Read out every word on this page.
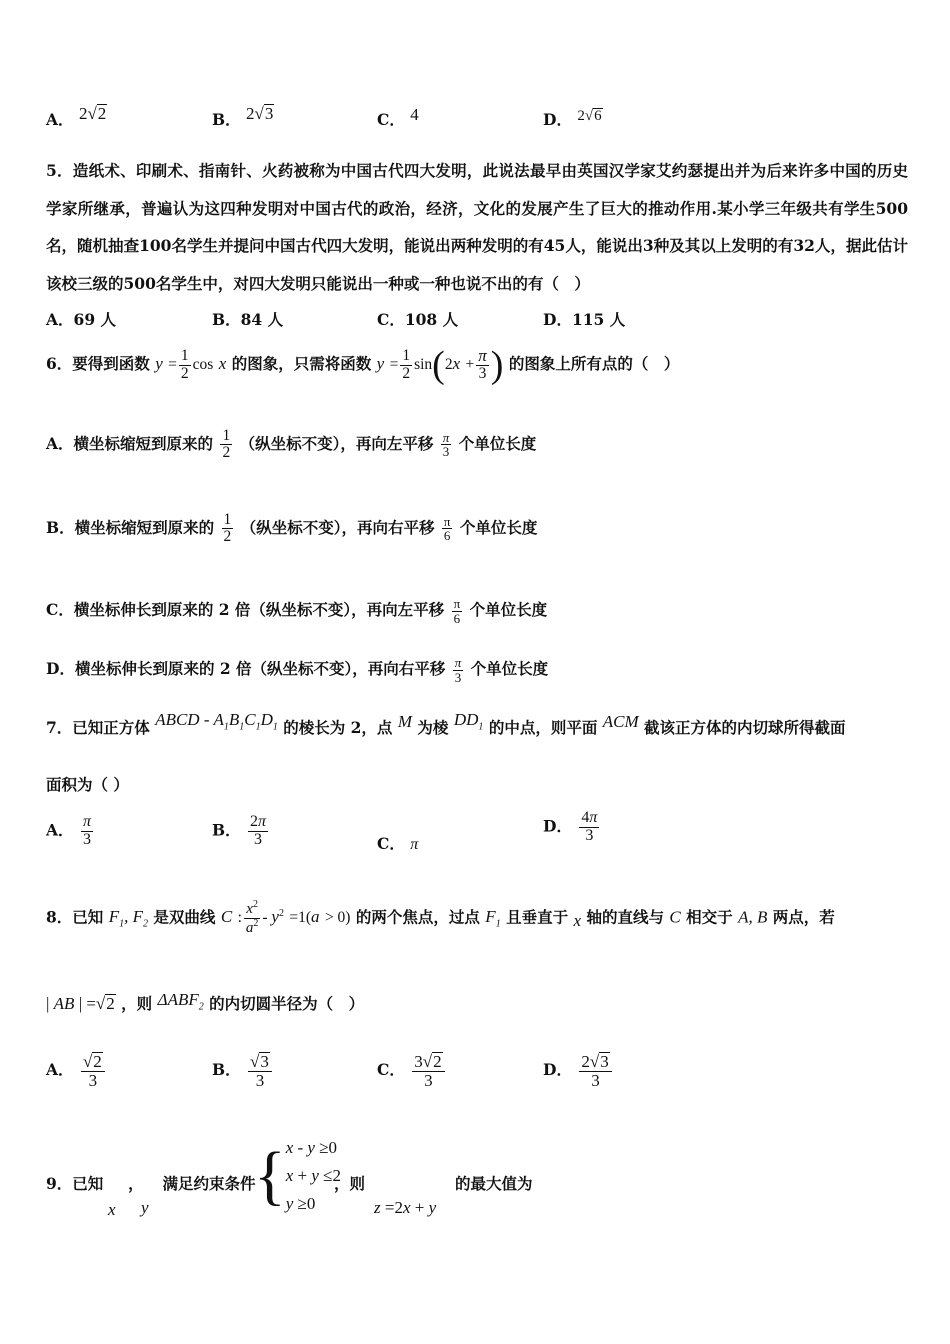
A． 2√2	B． 2√3	C． 4	D． 2√6
5．造纸术、印刷术、指南针、火药被称为中国古代四大发明，此说法最早由英国汉学家艾约瑟提出并为后来许多中国的历史学家所继承，普遍认为这四种发明对中国古代的政治，经济，文化的发展产生了巨大的推动作用.某小学三年级共有学生500名，随机抽查100名学生并提问中国古代四大发明，能说出两种发明的有45人，能说出3种及其以上发明的有32人，据此估计该校三级的500名学生中，对四大发明只能说出一种或一种也说不出的有（　）
A．69 人	B．84 人	C．108 人	D．115 人
6．要得到函数 $y = \frac{1}{2}$ cos x 的图象，只需将函数 $y = \frac{1}{2} \sin(2x + \frac{\pi}{3}$ ) 的图象上所有点的（　）
A．横坐标缩短到原来的 $\frac{1}{2}$ （纵坐标不变），再向左平移 $\frac{\pi}{3}$ 个单位长度
B．横坐标缩短到原来的 $\frac{1}{2}$ （纵坐标不变），再向右平移 $\frac{\pi}{6}$ 个单位长度
C．横坐标伸长到原来的 2 倍（纵坐标不变），再向左平移 $\frac{\pi}{6}$ 个单位长度
D．横坐标伸长到原来的 2 倍（纵坐标不变），再向右平移 $\frac{\pi}{3}$ 个单位长度
7．已知正方体 ABCD - $A_1B_1C_1D_1$ 的棱长为 2，点 M 为棱 $DD_1$ 的中点，则平面 ACM 截该正方体的内切球所得截面
面积为（ ）
A． $\frac{\pi}{3}$	B． $\frac{2\pi}{3}$	C． π
D． $\frac{4\pi}{3}$
8．已知 $F_1$, $F_2$ 是双曲线 C : $\frac{x^2}{a^2} - y^2 =1(a > 0)$ 的两个焦点，过点 $F_1$ 且垂直于 x 轴的直线与 C 相交于 A, B 两点，若
| AB | =√2 ，则 $\Delta ABF_2$ 的内切圆半径为（　）
A． $\frac{√2}{3}$	B． $\frac{√3}{3}$	C． $\frac{3√2}{3}$	D． $\frac{2√3}{3}$
9．已知 ， 满足约束条件
x y { x - y ≥0
x + y ≤2
y ≥0
，则
z =2x + y
的最大值为
